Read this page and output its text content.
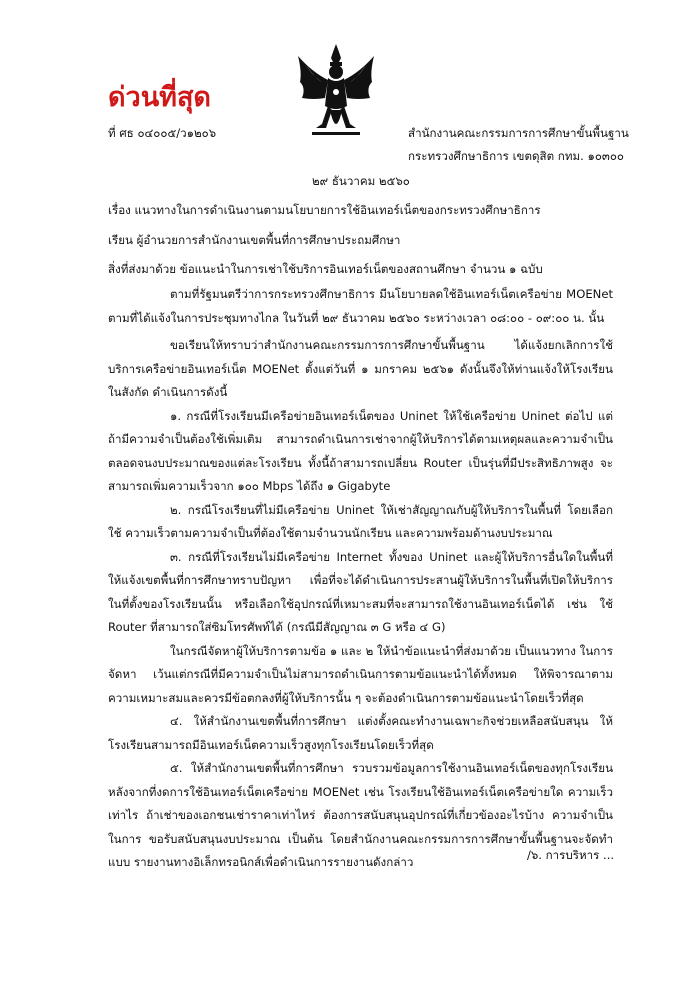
ด่วนที่สุด
ที่ ศธ ๐๔๐๐๕/ว๑๒๐๖	สำนักงานคณะกรรมการการศึกษาขั้นพื้นฐาน
กระทรวงศึกษาธิการ เขตดุสิต กทม. ๑๐๓๐๐
๒๙ ธันวาคม ๒๕๖๐
เรื่อง แนวทางในการดำเนินงานตามนโยบายการใช้อินเทอร์เน็ตของกระทรวงศึกษาธิการ
เรียน ผู้อำนวยการสำนักงานเขตพื้นที่การศึกษาประถมศึกษา
สิ่งที่ส่งมาด้วย ข้อแนะนำในการเช่าใช้บริการอินเทอร์เน็ตของสถานศึกษา จำนวน ๑ ฉบับ

ตามที่รัฐมนตรีว่าการกระทรวงศึกษาธิการ มีนโยบายลดใช้อินเทอร์เน็ตเครือข่าย MOENet ตามที่ได้แจ้งในการประชุมทางไกล ในวันที่ ๒๙ ธันวาคม ๒๕๖๐ ระหว่างเวลา ๐๘:๐๐ - ๐๙:๐๐ น. นั้น

ขอเรียนให้ทราบว่าสำนักงานคณะกรรมการการศึกษาขั้นพื้นฐาน ได้แจ้งยกเลิกการใช้บริการเครือข่ายอินเทอร์เน็ต MOENet ตั้งแต่วันที่ ๑ มกราคม ๒๕๖๑ ดังนั้นจึงให้ท่านแจ้งให้โรงเรียนในสังกัด ดำเนินการดังนี้

๑. กรณีที่โรงเรียนมีเครือข่ายอินเทอร์เน็ตของ Uninet ให้ใช้เครือข่าย Uninet ต่อไป แต่ถ้ามีความจำเป็นต้องใช้เพิ่มเติม สามารถดำเนินการเช่าจากผู้ให้บริการได้ตามเหตุผลและความจำเป็น ตลอดจนงบประมาณของแต่ละโรงเรียน ทั้งนี้ถ้าสามารถเปลี่ยน Router เป็นรุ่นที่มีประสิทธิภาพสูง จะสามารถเพิ่มความเร็วจาก ๑๐๐ Mbps ได้ถึง ๑ Gigabyte

๒. กรณีโรงเรียนที่ไม่มีเครือข่าย Uninet ให้เช่าสัญญาณกับผู้ให้บริการในพื้นที่ โดยเลือกใช้ ความเร็วตามความจำเป็นที่ต้องใช้ตามจำนวนนักเรียน และความพร้อมด้านงบประมาณ

๓. กรณีที่โรงเรียนไม่มีเครือข่าย Internet ทั้งของ Uninet และผู้ให้บริการอื่นใดในพื้นที่ ให้แจ้งเขตพื้นที่การศึกษาทราบปัญหา เพื่อที่จะได้ดำเนินการประสานผู้ให้บริการในพื้นที่เปิดให้บริการ ในที่ตั้งของโรงเรียนนั้น หรือเลือกใช้อุปกรณ์ที่เหมาะสมที่จะสามารถใช้งานอินเทอร์เน็ตได้ เช่น ใช้ Router ที่สามารถใส่ซิมโทรศัพท์ได้ (กรณีมีสัญญาณ ๓ G หรือ ๔ G)

ในกรณีจัดหาผู้ให้บริการตามข้อ ๑ และ ๒ ให้นำข้อแนะนำที่ส่งมาด้วย เป็นแนวทาง ในการจัดหา เว้นแต่กรณีที่มีความจำเป็นไม่สามารถดำเนินการตามข้อแนะนำได้ทั้งหมด ให้พิจารณาตาม ความเหมาะสมและควรมีข้อตกลงที่ผู้ให้บริการนั้น ๆ จะต้องดำเนินการตามข้อแนะนำโดยเร็วที่สุด

๔. ให้สำนักงานเขตพื้นที่การศึกษา แต่งตั้งคณะทำงานเฉพาะกิจช่วยเหลือสนับสนุน ให้โรงเรียนสามารถมีอินเทอร์เน็ตความเร็วสูงทุกโรงเรียนโดยเร็วที่สุด

๕. ให้สำนักงานเขตพื้นที่การศึกษา รวบรวมข้อมูลการใช้งานอินเทอร์เน็ตของทุกโรงเรียน หลังจากที่งดการใช้อินเทอร์เน็ตเครือข่าย MOENet เช่น โรงเรียนใช้อินเทอร์เน็ตเครือข่ายใด ความเร็วเท่าไร ถ้าเช่าของเอกชนเช่าราคาเท่าไหร่ ต้องการสนับสนุนอุปกรณ์ที่เกี่ยวข้องอะไรบ้าง ความจำเป็นในการ ขอรับสนับสนุนงบประมาณ เป็นต้น โดยสำนักงานคณะกรรมการการศึกษาขั้นพื้นฐานจะจัดทำแบบ รายงานทางอิเล็กทรอนิกส์เพื่อดำเนินการรายงานดังกล่าว	/๖. การบริหาร ...
